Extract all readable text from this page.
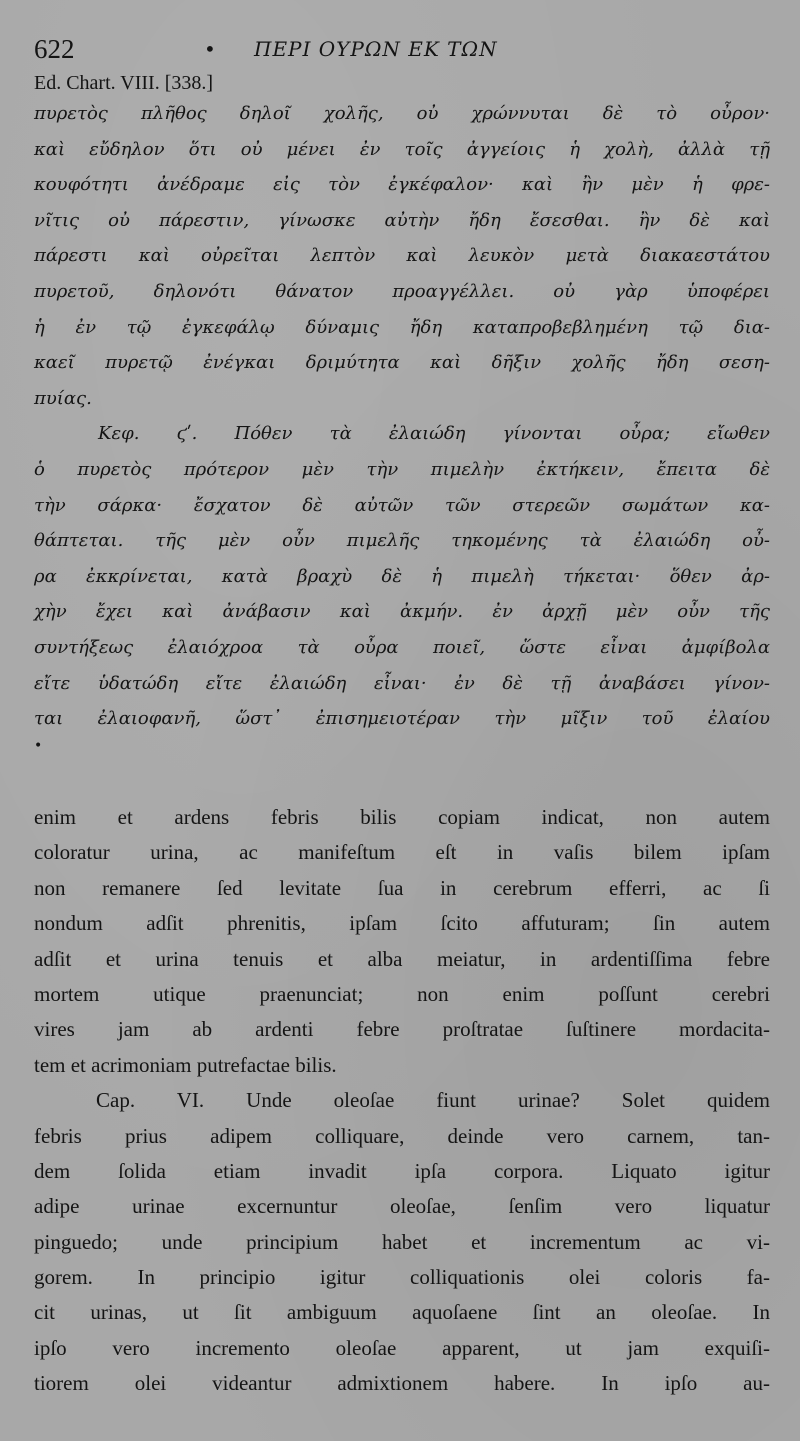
622	• ΠΕΡΙ ΟΥΡΩΝ ΕΚ ΤΩΝ
Ed. Chart. VIII. [338.]
πυρετὸς πλῆθος δηλοῖ χολῆς, οὐ χρώννυται δὲ τὸ οὖρον·
καὶ εὔδηλον ὅτι οὐ μένει ἐν τοῖς ἀγγείοις ἡ χολὴ, ἀλλὰ τῇ
κουφότητι ἀνέδραμε εἰς τὸν ἐγκέφαλον· καὶ ἢν μὲν ἡ φρε-
νῖτις οὐ πάρεστιν, γίνωσκε αὐτὴν ἤδη ἔσεσθαι. ἢν δὲ καὶ
πάρεστι καὶ οὐρεῖται λεπτὸν καὶ λευκὸν μετὰ διακαεστάτου
πυρετοῦ, δηλονότι θάνατον προαγγέλλει. οὐ γὰρ ὑποφέρει
ἡ ἐν τῷ ἐγκεφάλῳ δύναμις ἤδη καταπροβεβλημένη τῷ δια-
καεῖ πυρετῷ ἐνέγκαι δριμύτητα καὶ δῆξιν χολῆς ἤδη σεση-
πυίας.
Κεφ. ϛʹ. Πόθεν τὰ ἐλαιώδη γίνονται οὖρα; εἴωθεν
ὁ πυρετὸς πρότερον μὲν τὴν πιμελὴν ἐκτήκειν, ἔπειτα δὲ
τὴν σάρκα· ἔσχατον δὲ αὐτῶν τῶν στερεῶν σωμάτων κα-
θάπτεται. τῆς μὲν οὖν πιμελῆς τηκομένης τὰ ἐλαιώδη οὖ-
ρα ἐκκρίνεται, κατὰ βραχὺ δὲ ἡ πιμελὴ τήκεται· ὅθεν ἀρ-
χὴν ἔχει καὶ ἀνάβασιν καὶ ἀκμήν. ἐν ἀρχῇ μὲν οὖν τῆς
συντήξεως ἐλαιόχροα τὰ οὖρα ποιεῖ, ὥστε εἶναι ἀμφίβολα
εἴτε ὑδατώδη εἴτε ἐλαιώδη εἶναι· ἐν δὲ τῇ ἀναβάσει γίνον-
ται ἐλαιοφανῆ, ὥστ᾽ ἐπισημειοτέραν τὴν μῖξιν τοῦ ἐλαίου
•
enim et ardens febris bilis copiam indicat, non autem
coloratur urina, ac manifeſtum eſt in vaſis bilem ipſam
non remanere ſed levitate ſua in cerebrum efferri, ac ſi
nondum adſit phrenitis, ipſam ſcito affuturam; ſin autem
adſit et urina tenuis et alba meiatur, in ardentiſſima febre
mortem utique praenunciat; non enim poſſunt cerebri
vires jam ab ardenti febre proſtratae ſuſtinere mordacita-
tem et acrimoniam putrefactae bilis.
Cap. VI. Unde oleoſae fiunt urinae? Solet quidem
febris prius adipem colliquare, deinde vero carnem, tan-
dem ſolida etiam invadit ipſa corpora. Liquato igitur
adipe urinae excernuntur oleoſae, ſenſim vero liquatur
pinguedo; unde principium habet et incrementum ac vi-
gorem. In principio igitur colliquationis olei coloris fa-
cit urinas, ut ſit ambiguum aquoſaene ſint an oleoſae. In
ipſo vero incremento oleoſae apparent, ut jam exquiſi-
tiorem olei videantur admixtionem habere. In ipſo au-
